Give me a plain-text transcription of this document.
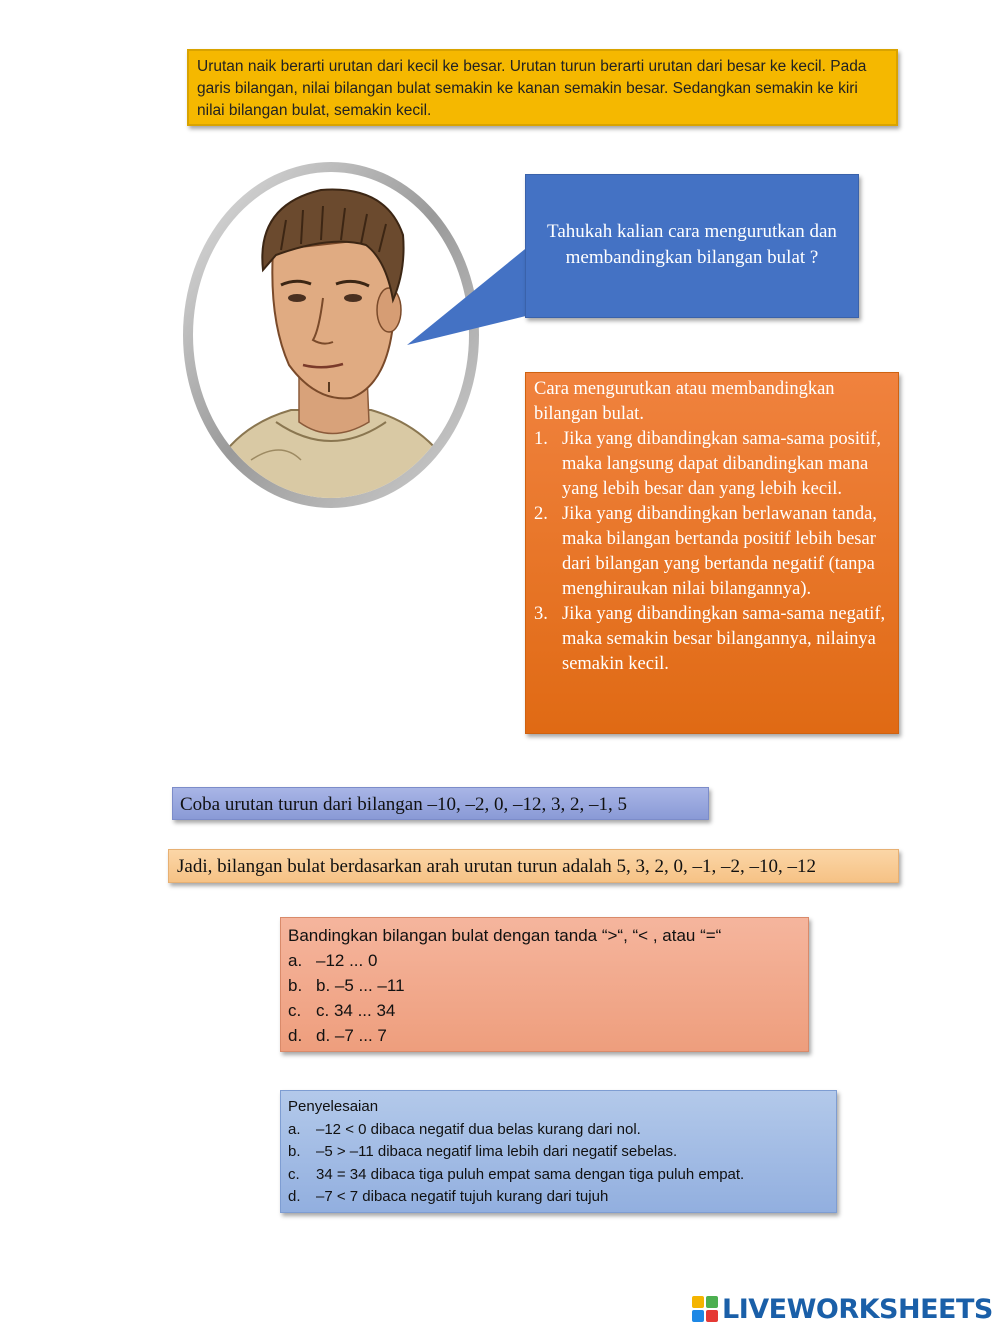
Urutan naik berarti urutan dari kecil ke besar. Urutan turun berarti urutan dari besar ke kecil. Pada garis bilangan, nilai bilangan bulat semakin ke kanan semakin besar. Sedangkan semakin ke kiri nilai bilangan bulat, semakin kecil.
Tahukah kalian cara mengurutkan dan membandingkan bilangan bulat ?
Cara mengurutkan atau membandingkan bilangan bulat.
1. Jika yang dibandingkan sama-sama positif, maka langsung dapat dibandingkan mana yang lebih besar dan yang lebih kecil.
2. Jika yang dibandingkan berlawanan tanda, maka bilangan bertanda positif lebih besar dari bilangan yang bertanda negatif (tanpa menghiraukan nilai bilangannya).
3. Jika yang dibandingkan sama-sama negatif, maka semakin besar bilangannya, nilainya semakin kecil.
Coba urutan turun dari bilangan –10, –2, 0, –12, 3, 2, –1, 5
Jadi, bilangan bulat berdasarkan arah urutan turun adalah 5, 3, 2, 0, –1, –2, –10, –12
Bandingkan bilangan bulat dengan tanda “>“, “< , atau “=“
a. –12 ... 0
b. b. –5 ... –11
c. c. 34 ... 34
d. d. –7 ... 7
Penyelesaian
a. –12 < 0 dibaca negatif dua belas kurang dari nol.
b. –5 > –11 dibaca negatif lima lebih dari negatif sebelas.
c. 34 = 34 dibaca tiga puluh empat sama dengan tiga puluh empat.
d. –7 < 7 dibaca negatif tujuh kurang dari tujuh
LIVEWORKSHEETS
